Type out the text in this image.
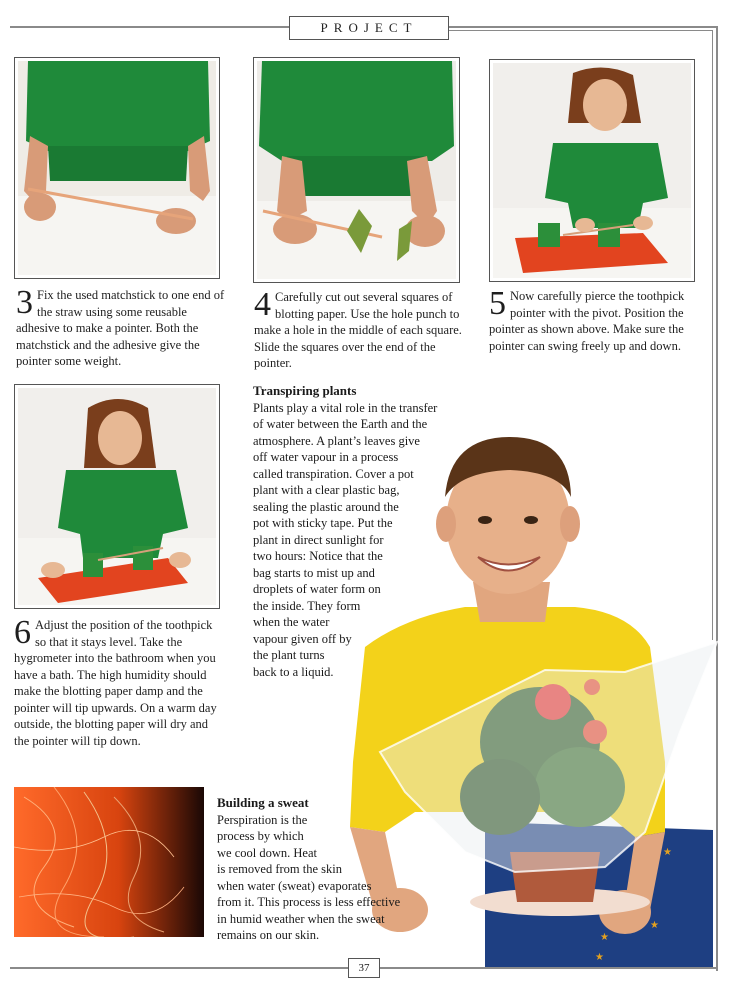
PROJECT
3 Fix the used matchstick to one end of the straw using some reusable adhesive to make a pointer. Both the matchstick and the adhesive give the pointer some weight.
4 Carefully cut out several squares of blotting paper. Use the hole punch to make a hole in the middle of each square. Slide the squares over the end of the pointer.
5 Now carefully pierce the toothpick pointer with the pivot. Position the pointer as shown above. Make sure the pointer can swing freely up and down.
6 Adjust the position of the toothpick so that it stays level. Take the hygrometer into the bathroom when you have a bath. The high humidity should make the blotting paper damp and the pointer will tip upwards. On a warm day outside, the blotting paper will dry and the pointer will tip down.
Transpiring plants
Plants play a vital role in the transfer
of water between the Earth and the
atmosphere. A plant’s leaves give
off water vapour in a process
called transpiration. Cover a pot
plant with a clear plastic bag,
sealing the plastic around the
pot with sticky tape. Put the
plant in direct sunlight for
two hours: Notice that the
bag starts to mist up and
droplets of water form on
the inside. They form
when the water
vapour given off by
the plant turns
back to a liquid.
★
★
★
★
Building a sweat
Perspiration is the
process by which
we cool down. Heat
is removed from the skin
when water (sweat) evaporates
from it. This process is less effective
in humid weather when the sweat
remains on our skin.
37
